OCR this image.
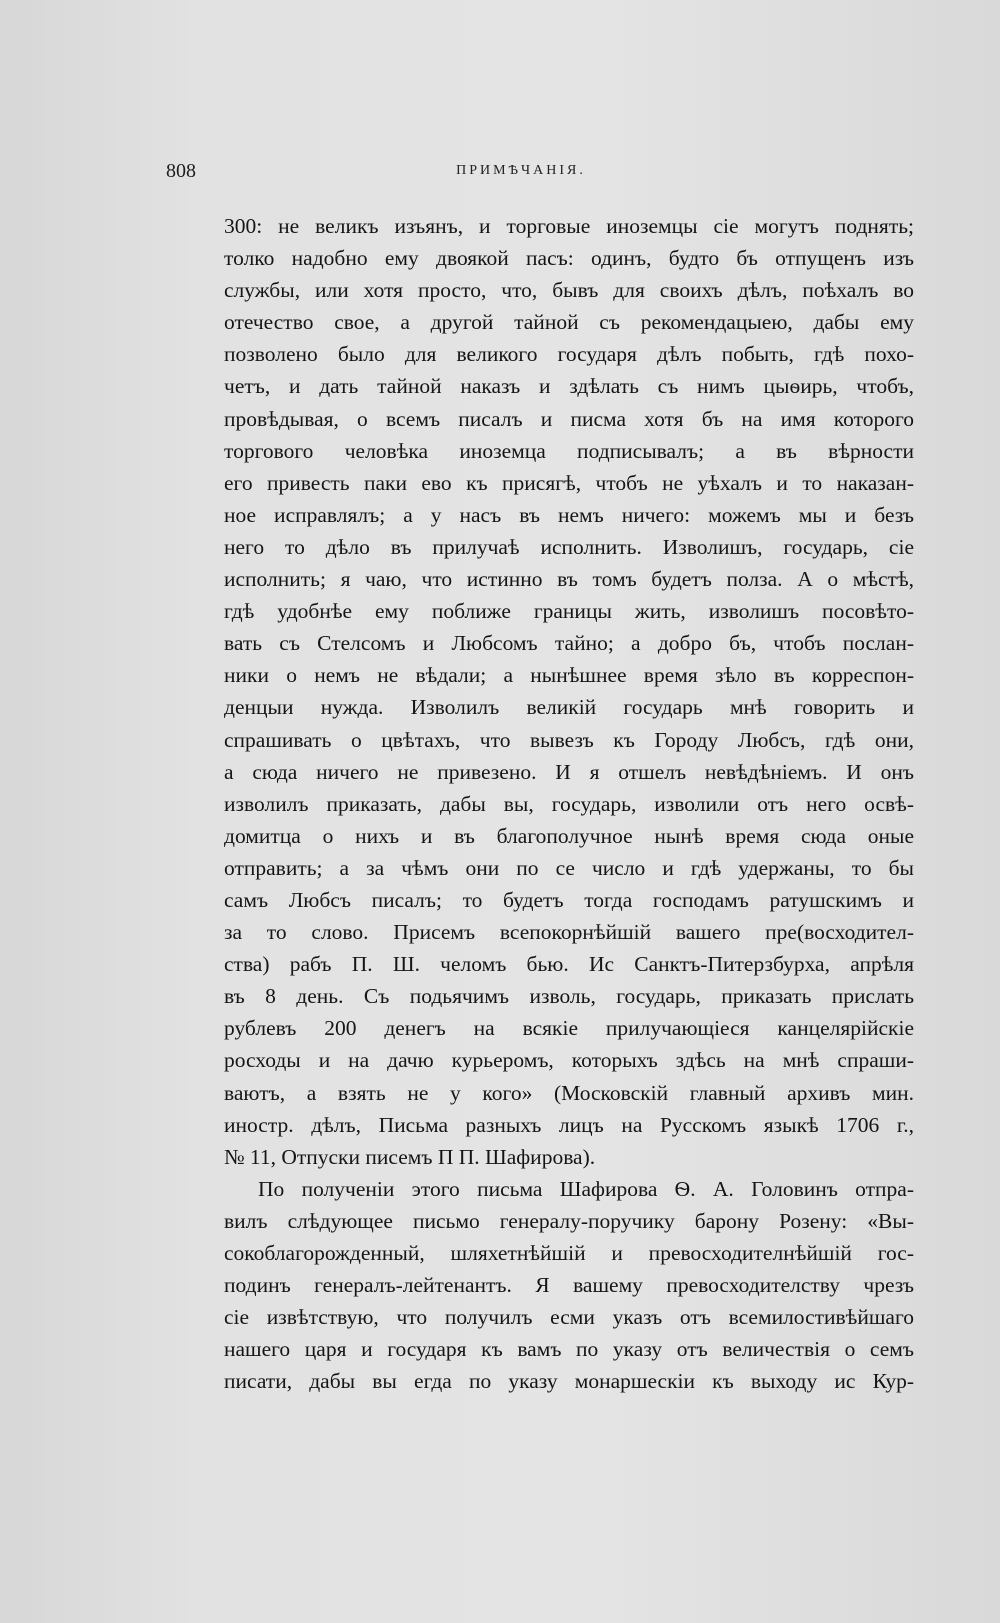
808	ПРИМѢЧАНІЯ.
300: не великъ изъянъ, и торговые иноземцы сіе могутъ поднять;
толко надобно ему двоякой пасъ: одинъ, будто бъ отпущенъ изъ
службы, или хотя просто, что, бывъ для своихъ дѣлъ, поѣхалъ во
отечество свое, а другой тайной съ рекомендацыею, дабы ему
позволено было для великого государя дѣлъ побыть, гдѣ похо-
четъ, и дать тайной наказъ и здѣлать съ нимъ цыѳирь, чтобъ,
провѣдывая, о всемъ писалъ и писма хотя бъ на имя которого
торгового человѣка иноземца подписывалъ; а въ вѣрности
его привесть паки ево къ присягѣ, чтобъ не уѣхалъ и то наказан-
ное исправлялъ; а у насъ въ немъ ничего: можемъ мы и безъ
него то дѣло въ прилучаѣ исполнить. Изволишъ, государь, сіе
исполнить; я чаю, что истинно въ томъ будетъ полза. А о мѣстѣ,
гдѣ удобнѣе ему поближе границы жить, изволишъ посовѣто-
вать съ Стелсомъ и Любсомъ тайно; а добро бъ, чтобъ послан-
ники о немъ не вѣдали; а нынѣшнее время зѣло въ корреспон-
денцыи нужда. Изволилъ великій государь мнѣ говорить и
спрашивать о цвѣтахъ, что вывезъ къ Городу Любсъ, гдѣ они,
а сюда ничего не привезено. И я отшелъ невѣдѣніемъ. И онъ
изволилъ приказать, дабы вы, государь, изволили отъ него освѣ-
домитца о нихъ и въ благополучное нынѣ время сюда оные
отправить; а за чѣмъ они по се число и гдѣ удержаны, то бы
самъ Любсъ писалъ; то будетъ тогда господамъ ратушскимъ и
за то слово. Присемъ всепокорнѣйшій вашего пре(восходител-
ства) рабъ П. Ш. челомъ бью. Ис Санктъ-Питерзбурха, апрѣля
въ 8 день. Съ подьячимъ изволь, государь, приказать прислать
рублевъ 200 денегъ на всякіе прилучающіеся канцелярійскіе
росходы и на дачю курьеромъ, которыхъ здѣсь на мнѣ спраши-
ваютъ, а взять не у кого» (Московскій главный архивъ мин.
иностр. дѣлъ, Письма разныхъ лицъ на Русскомъ языкѣ 1706 г.,
№ 11, Отпуски писемъ П П. Шафирова).
По полученіи этого письма Шафирова Ѳ. А. Головинъ отпра-
вилъ слѣдующее письмо генералу-поручику барону Розену: «Вы-
сокоблагорожденный, шляхетнѣйшій и превосходителнѣйшій гос-
подинъ генералъ-лейтенантъ. Я вашему превосходителству чрезъ
сіе извѣтствую, что получилъ есми указъ отъ всемилостивѣйшаго
нашего царя и государя къ вамъ по указу отъ величествія о семъ
писати, дабы вы егда по указу монаршескіи къ выходу ис Кур-
